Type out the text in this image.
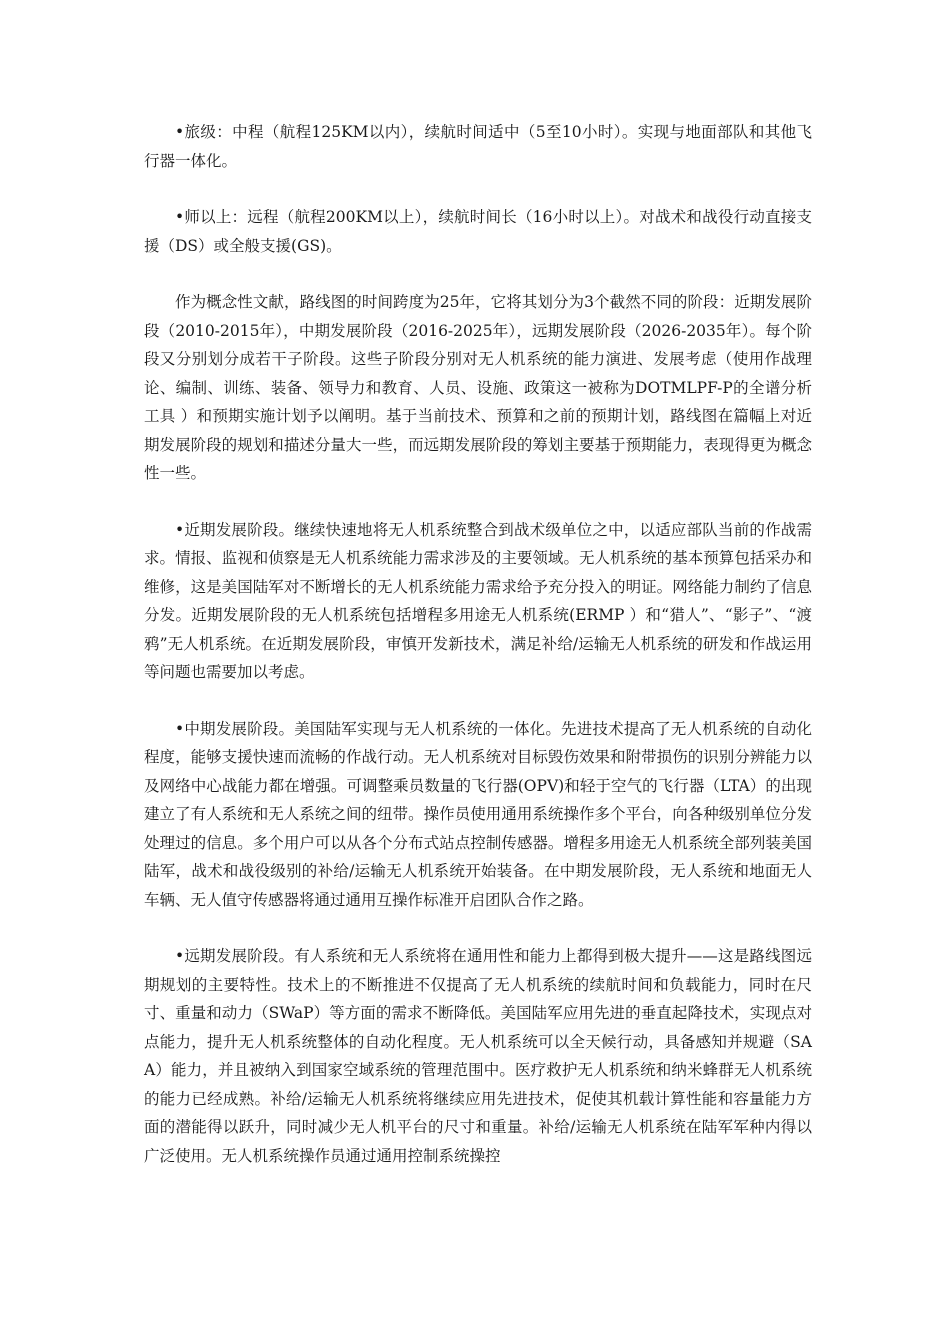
•旅级：中程（航程125KM以内），续航时间适中（5至10小时）。实现与地面部队和其他飞行器一体化。

•师以上：远程（航程200KM以上），续航时间长（16小时以上）。对战术和战役行动直接支援（DS）或全般支援(GS)。

作为概念性文献，路线图的时间跨度为25年，它将其划分为3个截然不同的阶段：近期发展阶段（2010-2015年），中期发展阶段（2016-2025年），远期发展阶段（2026-2035年）。每个阶段又分别划分成若干子阶段。这些子阶段分别对无人机系统的能力演进、发展考虑（使用作战理论、编制、训练、装备、领导力和教育、人员、设施、政策这一被称为DOTMLPF-P的全谱分析工具 ）和预期实施计划予以阐明。基于当前技术、预算和之前的预期计划，路线图在篇幅上对近期发展阶段的规划和描述分量大一些，而远期发展阶段的筹划主要基于预期能力，表现得更为概念性一些。

•近期发展阶段。继续快速地将无人机系统整合到战术级单位之中，以适应部队当前的作战需求。情报、监视和侦察是无人机系统能力需求涉及的主要领域。无人机系统的基本预算包括采办和维修，这是美国陆军对不断增长的无人机系统能力需求给予充分投入的明证。网络能力制约了信息分发。近期发展阶段的无人机系统包括增程多用途无人机系统(ERMP ）和“猎人”、“影子”、“渡鸦”无人机系统。在近期发展阶段，审慎开发新技术，满足补给/运输无人机系统的研发和作战运用等问题也需要加以考虑。

•中期发展阶段。美国陆军实现与无人机系统的一体化。先进技术提高了无人机系统的自动化程度，能够支援快速而流畅的作战行动。无人机系统对目标毁伤效果和附带损伤的识别分辨能力以及网络中心战能力都在增强。可调整乘员数量的飞行器(OPV)和轻于空气的飞行器（LTA）的出现建立了有人系统和无人系统之间的纽带。操作员使用通用系统操作多个平台，向各种级别单位分发处理过的信息。多个用户可以从各个分布式站点控制传感器。增程多用途无人机系统全部列装美国陆军，战术和战役级别的补给/运输无人机系统开始装备。在中期发展阶段，无人系统和地面无人车辆、无人值守传感器将通过通用互操作标准开启团队合作之路。

•远期发展阶段。有人系统和无人系统将在通用性和能力上都得到极大提升——这是路线图远期规划的主要特性。技术上的不断推进不仅提高了无人机系统的续航时间和负载能力，同时在尺寸、重量和动力（SWaP）等方面的需求不断降低。美国陆军应用先进的垂直起降技术，实现点对点能力，提升无人机系统整体的自动化程度。无人机系统可以全天候行动，具备感知并规避（SAA）能力，并且被纳入到国家空域系统的管理范围中。医疗救护无人机系统和纳米蜂群无人机系统的能力已经成熟。补给/运输无人机系统将继续应用先进技术，促使其机载计算性能和容量能力方面的潜能得以跃升，同时减少无人机平台的尺寸和重量。补给/运输无人机系统在陆军军种内得以广泛使用。无人机系统操作员通过通用控制系统操控
